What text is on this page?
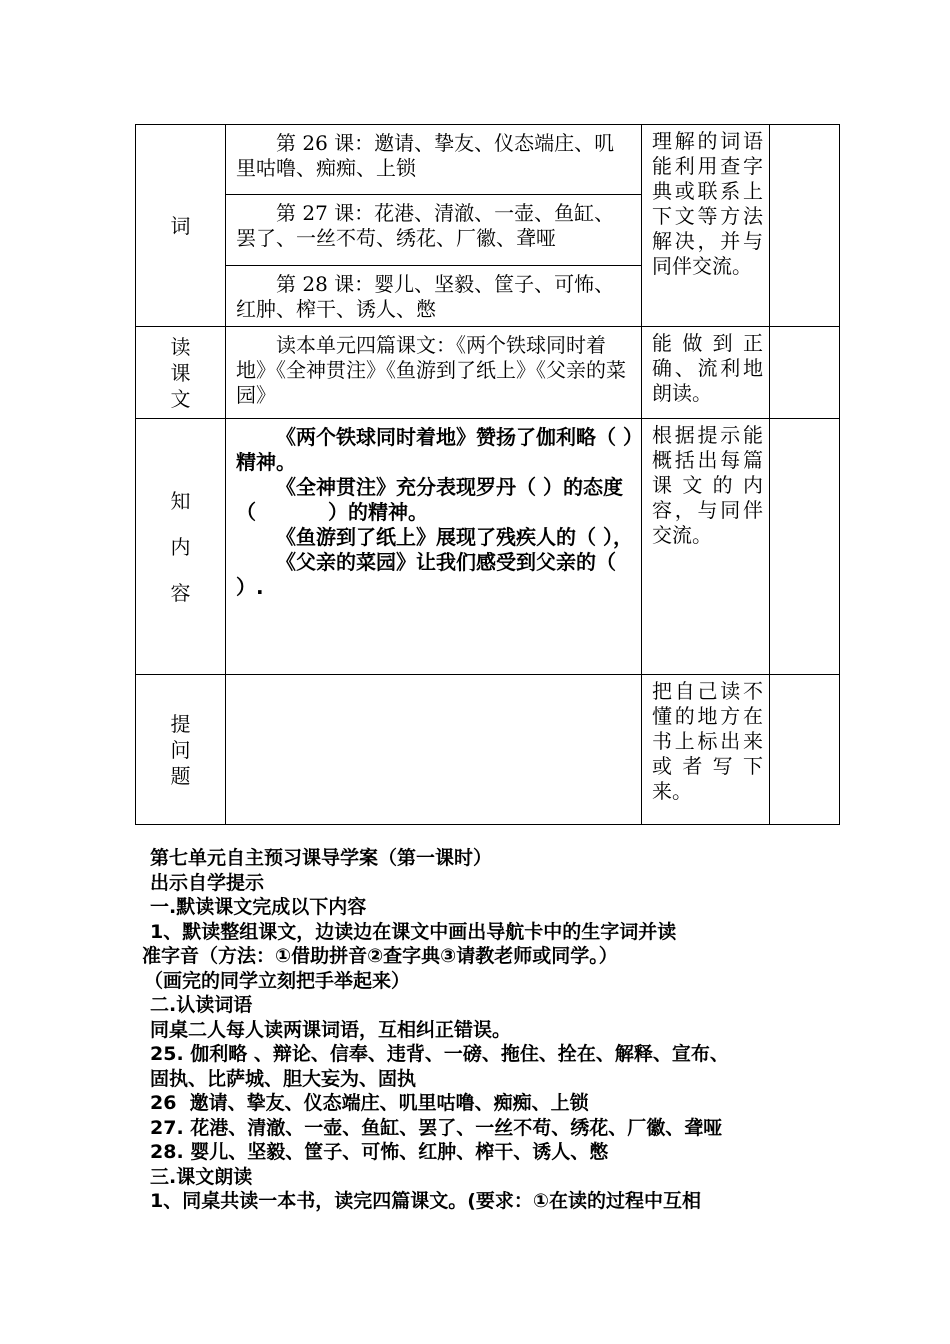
词	第 26 课：邀请、挚友、仪态端庄、叽里咕噜、痴痴、上锁	理解的词语能利用查字典或联系上下文等方法解决，并与同伴交流。	

	第 27 课：花港、清澈、一壶、鱼缸、罢了、一丝不苟、绣花、厂徽、聋哑		

	第 28 课：婴儿、坚毅、筐子、可怖、红肿、榨干、诱人、憋		

读课文	读本单元四篇课文：《两个铁球同时着地》《全神贯注》《鱼游到了纸上》《父亲的菜园》	能做到正确、流利地朗读。	
知内容	《两个铁球同时着地》赞扬了伽利略（ ）精神。

《全神贯注》充分表现罗丹（ ）的态度（ ）的精神。

《鱼游到了纸上》展现了残疾人的（ ），

《父亲的菜园》让我们感受到父亲的（ ）.	根据提示能概括出每篇课文的内容，与同伴交流。	
提问题		把自己读不懂的地方在书上标出来或者写下来。	
第七单元自主预习课导学案（第一课时）
出示自学提示
一.默读课文完成以下内容
1、默读整组课文，边读边在课文中画出导航卡中的生字词并读
准字音（方法：①借助拼音②查字典③请教老师或同学。）
（画完的同学立刻把手举起来）
二.认读词语
同桌二人每人读两课词语，互相纠正错误。
25. 伽利略 、辩论、信奉、违背、一磅、拖住、拴在、解释、宣布、
固执、比萨城、胆大妄为、固执
26  邀请、挚友、仪态端庄、叽里咕噜、痴痴、上锁
27. 花港、清澈、一壶、鱼缸、罢了、一丝不苟、绣花、厂徽、聋哑
28. 婴儿、坚毅、筐子、可怖、红肿、榨干、诱人、憋
三.课文朗读
1、同桌共读一本书，读完四篇课文。(要求：①在读的过程中互相
